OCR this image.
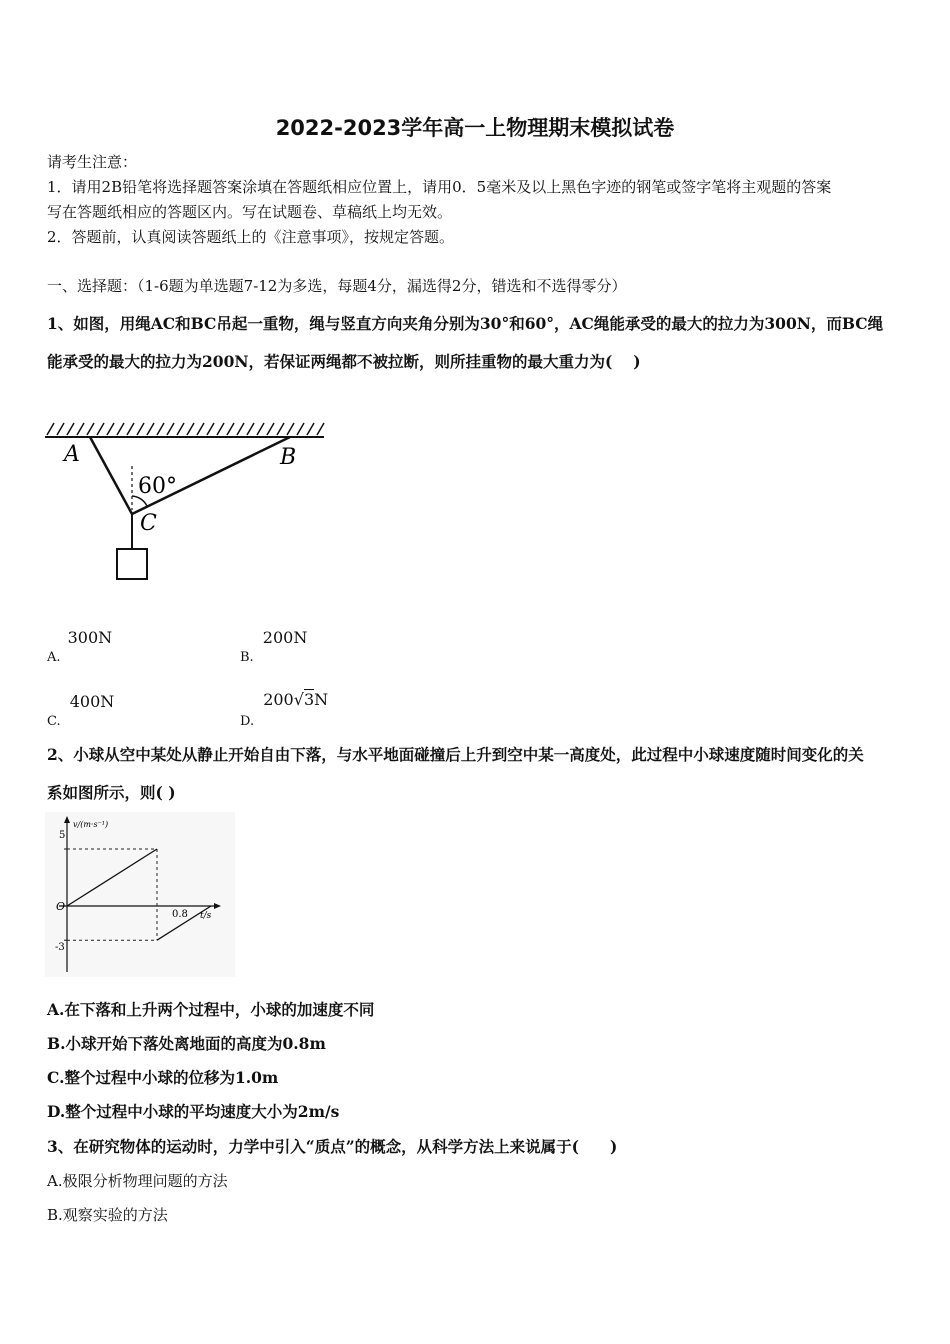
2022-2023学年高一上物理期末模拟试卷
请考生注意：
1．请用2B铅笔将选择题答案涂填在答题纸相应位置上，请用0．5毫米及以上黑色字迹的钢笔或签字笔将主观题的答案
写在答题纸相应的答题区内。写在试题卷、草稿纸上均无效。
2．答题前，认真阅读答题纸上的《注意事项》，按规定答题。
一、选择题：（1-6题为单选题7-12为多选，每题4分，漏选得2分，错选和不选得零分）
1、如图，用绳AC和BC吊起一重物，绳与竖直方向夹角分别为30°和60°，AC绳能承受的最大的拉力为300N，而BC绳
能承受的最大的拉力为200N，若保证两绳都不被拉断，则所挂重物的最大重力为(　 )
A	B
C
60°
$_{A.}$ 300N
$_{B.}$ 200N
$_{C.}$ 400N
$_{D.}$ 200√3N
2、小球从空中某处从静止开始自由下落，与水平地面碰撞后上升到空中某一高度处，此过程中小球速度随时间变化的关
系如图所示，则( )
v/(m·s⁻¹)
t/s
5
-3
O
0.8
A.在下落和上升两个过程中，小球的加速度不同
B.小球开始下落处离地面的高度为0.8m
C.整个过程中小球的位移为1.0m
D.整个过程中小球的平均速度大小为2m/s
3、在研究物体的运动时，力学中引入“质点”的概念，从科学方法上来说属于(　　)
A.极限分析物理问题的方法
B.观察实验的方法
